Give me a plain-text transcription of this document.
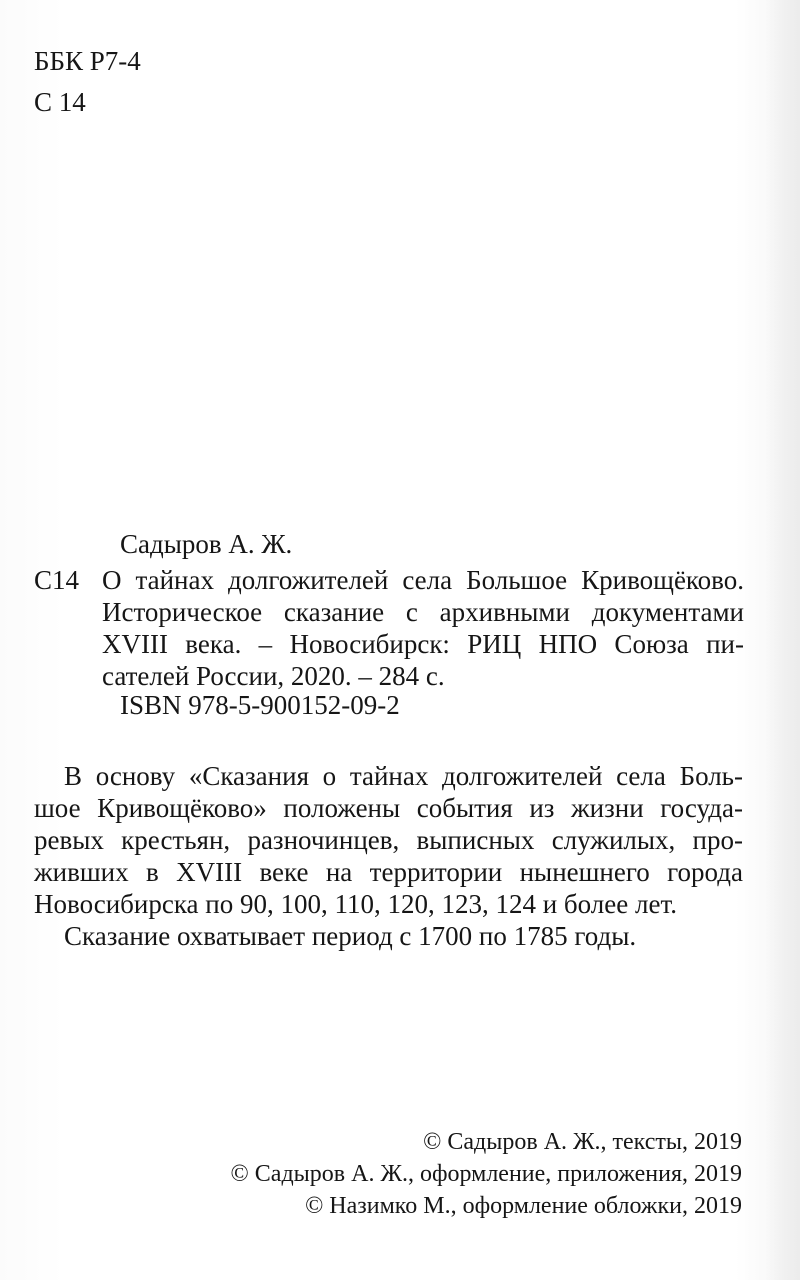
ББК Р7-4
С 14
Садыров А. Ж.
С14 О тайнах долгожителей села Большое Кривощёково.
Историческое сказание с архивными документами
XVIII века. – Новосибирск: РИЦ НПО Союза пи-
сателей России, 2020. – 284 с.
ISBN 978-5-900152-09-2
В основу «Сказания о тайнах долгожителей села Боль-
шое Кривощёково» положены события из жизни госуда-
ревых крестьян, разночинцев, выписных служилых, про-
живших в XVIII веке на территории нынешнего города
Новосибирска по 90, 100, 110, 120, 123, 124 и более лет.
Сказание охватывает период с 1700 по 1785 годы.
© Садыров А. Ж., тексты, 2019
© Садыров А. Ж., оформление, приложения, 2019
© Назимко М., оформление обложки, 2019
